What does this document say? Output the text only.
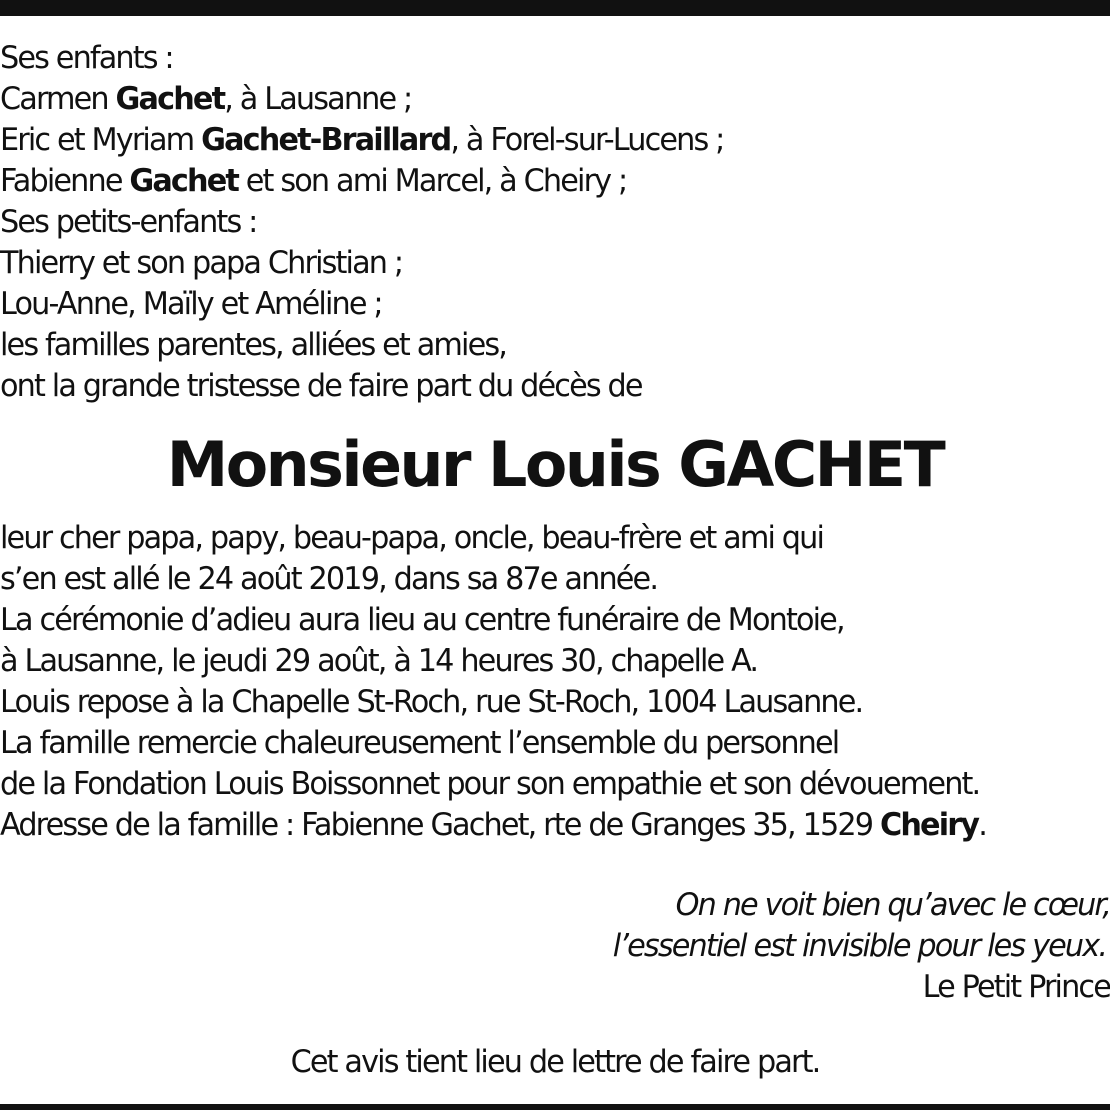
Ses enfants :
Carmen Gachet, à Lausanne ;
Eric et Myriam Gachet-Braillard, à Forel-sur-Lucens ;
Fabienne Gachet et son ami Marcel, à Cheiry ;
Ses petits-enfants :
Thierry et son papa Christian ;
Lou-Anne, Maïly et Améline ;
les familles parentes, alliées et amies,
ont la grande tristesse de faire part du décès de
Monsieur Louis GACHET
leur cher papa, papy, beau-papa, oncle, beau-frère et ami qui
s’en est allé le 24 août 2019, dans sa 87e année.
La cérémonie d’adieu aura lieu au centre funéraire de Montoie,
à Lausanne, le jeudi 29 août, à 14 heures 30, chapelle A.
Louis repose à la Chapelle St-Roch, rue St-Roch, 1004 Lausanne.
La famille remercie chaleureusement l’ensemble du personnel
de la Fondation Louis Boissonnet pour son empathie et son dévouement.
Adresse de la famille : Fabienne Gachet, rte de Granges 35, 1529 Cheiry.
On ne voit bien qu’avec le cœur,
l’essentiel est invisible pour les yeux.
Le Petit Prince
Cet avis tient lieu de lettre de faire part.
